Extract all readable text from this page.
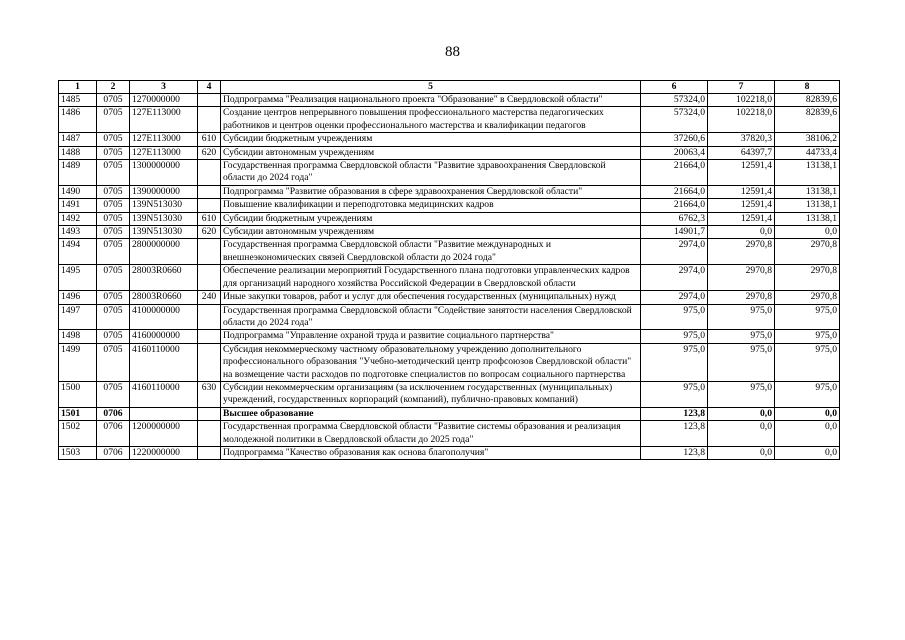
88
1	2	3	4	5	6	7	8
1485	0705	1270000000		Подпрограмма "Реализация национального проекта "Образование" в Свердловской области"	57324,0	102218,0	82839,6
1486	0705	127E113000		Создание центров непрерывного повышения профессионального мастерства педагогических работников и центров оценки профессионального мастерства и квалификации педагогов	57324,0	102218,0	82839,6
1487	0705	127E113000	610	Субсидии бюджетным учреждениям	37260,6	37820,3	38106,2
1488	0705	127E113000	620	Субсидии автономным учреждениям	20063,4	64397,7	44733,4
1489	0705	1300000000		Государственная программа Свердловской области "Развитие здравоохранения Свердловской области до 2024 года"	21664,0	12591,4	13138,1
1490	0705	1390000000		Подпрограмма "Развитие образования в сфере здравоохранения Свердловской области"	21664,0	12591,4	13138,1
1491	0705	139N513030		Повышение квалификации и переподготовка медицинских кадров	21664,0	12591,4	13138,1
1492	0705	139N513030	610	Субсидии бюджетным учреждениям	6762,3	12591,4	13138,1
1493	0705	139N513030	620	Субсидии автономным учреждениям	14901,7	0,0	0,0
1494	0705	2800000000		Государственная программа Свердловской области "Развитие международных и внешнеэкономических связей Свердловской области до 2024 года"	2974,0	2970,8	2970,8
1495	0705	28003R0660		Обеспечение реализации мероприятий Государственного плана подготовки управленческих кадров для организаций народного хозяйства Российской Федерации в Свердловской области	2974,0	2970,8	2970,8
1496	0705	28003R0660	240	Иные закупки товаров, работ и услуг для обеспечения государственных (муниципальных) нужд	2974,0	2970,8	2970,8
1497	0705	4100000000		Государственная программа Свердловской области "Содействие занятости населения Свердловской области до 2024 года"	975,0	975,0	975,0
1498	0705	4160000000		Подпрограмма "Управление охраной труда и развитие социального партнерства"	975,0	975,0	975,0
1499	0705	4160110000		Субсидия некоммерческому частному образовательному учреждению дополнительного профессионального образования "Учебно-методический центр профсоюзов Свердловской области" на возмещение части расходов по подготовке специалистов по вопросам социального партнерства	975,0	975,0	975,0
1500	0705	4160110000	630	Субсидии некоммерческим организациям (за исключением государственных (муниципальных) учреждений, государственных корпораций (компаний), публично-правовых компаний)	975,0	975,0	975,0
1501	0706			Высшее образование	123,8	0,0	0,0
1502	0706	1200000000		Государственная программа Свердловской области "Развитие системы образования и реализация молодежной политики в Свердловской области до 2025 года"	123,8	0,0	0,0
1503	0706	1220000000		Подпрограмма "Качество образования как основа благополучия"	123,8	0,0	0,0
